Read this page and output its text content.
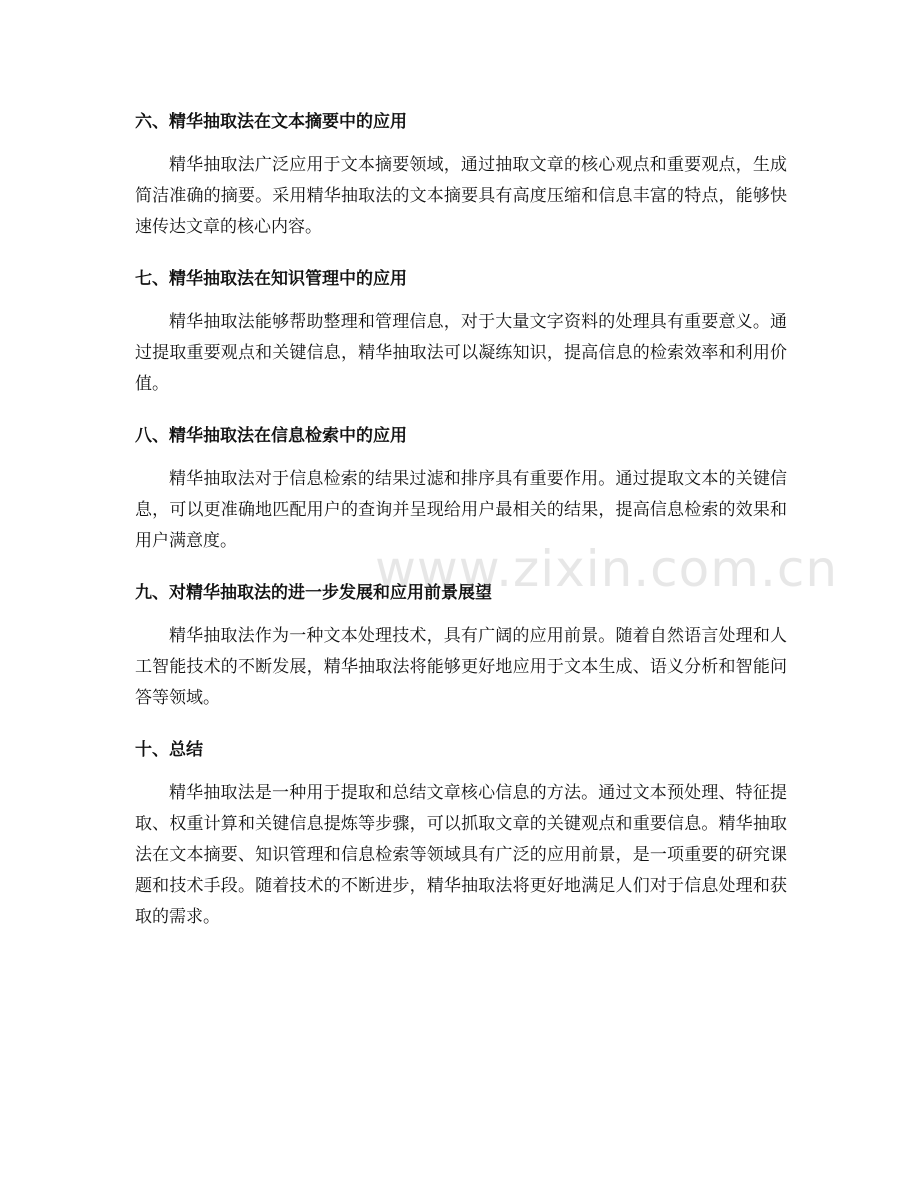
六、精华抽取法在文本摘要中的应用

精华抽取法广泛应用于文本摘要领域，通过抽取文章的核心观点和重要观点，生成简洁准确的摘要。采用精华抽取法的文本摘要具有高度压缩和信息丰富的特点，能够快速传达文章的核心内容。

七、精华抽取法在知识管理中的应用

精华抽取法能够帮助整理和管理信息，对于大量文字资料的处理具有重要意义。通过提取重要观点和关键信息，精华抽取法可以凝练知识，提高信息的检索效率和利用价值。

八、精华抽取法在信息检索中的应用

精华抽取法对于信息检索的结果过滤和排序具有重要作用。通过提取文本的关键信息，可以更准确地匹配用户的查询并呈现给用户最相关的结果，提高信息检索的效果和用户满意度。

九、对精华抽取法的进一步发展和应用前景展望

精华抽取法作为一种文本处理技术，具有广阔的应用前景。随着自然语言处理和人工智能技术的不断发展，精华抽取法将能够更好地应用于文本生成、语义分析和智能问答等领域。

十、总结

精华抽取法是一种用于提取和总结文章核心信息的方法。通过文本预处理、特征提取、权重计算和关键信息提炼等步骤，可以抓取文章的关键观点和重要信息。精华抽取法在文本摘要、知识管理和信息检索等领域具有广泛的应用前景，是一项重要的研究课题和技术手段。随着技术的不断进步，精华抽取法将更好地满足人们对于信息处理和获取的需求。

www.zixin.com.cn
